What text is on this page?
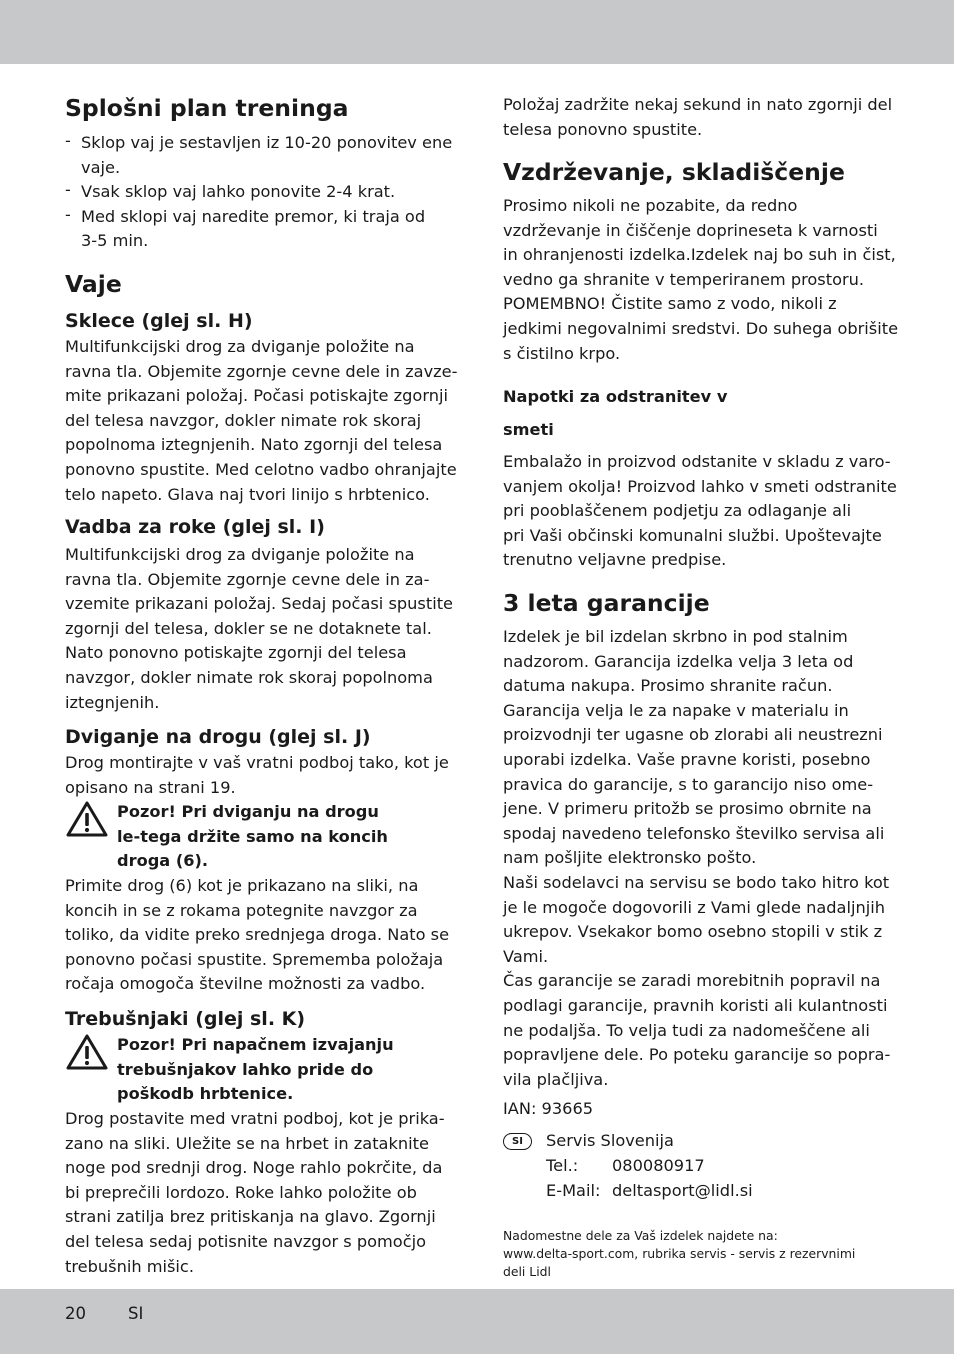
Splošni plan treninga
- Sklop vaj je sestavljen iz 10-20 ponovitev ene
vaje.
- Vsak sklop vaj lahko ponovite 2-4 krat.
- Med sklopi vaj naredite premor, ki traja od
3-5 min.
Vaje
Sklece (glej sl. H)
Multifunkcijski drog za dviganje položite na
ravna tla. Objemite zgornje cevne dele in zavze-
mite prikazani položaj. Počasi potiskajte zgornji
del telesa navzgor, dokler nimate rok skoraj
popolnoma iztegnjenih. Nato zgornji del telesa
ponovno spustite. Med celotno vadbo ohranjajte
telo napeto. Glava naj tvori linijo s hrbtenico.
Vadba za roke (glej sl. I)
Multifunkcijski drog za dviganje položite na
ravna tla. Objemite zgornje cevne dele in za-
vzemite prikazani položaj. Sedaj počasi spustite
zgornji del telesa, dokler se ne dotaknete tal.
Nato ponovno potiskajte zgornji del telesa
navzgor, dokler nimate rok skoraj popolnoma
iztegnjenih.
Dviganje na drogu (glej sl. J)
Drog montirajte v vaš vratni podboj tako, kot je
opisano na strani 19.
Pozor! Pri dviganju na drogu
le-tega držite samo na koncih
droga (6).
Primite drog (6) kot je prikazano na sliki, na
koncih in se z rokama potegnite navzgor za
toliko, da vidite preko srednjega droga. Nato se
ponovno počasi spustite. Sprememba položaja
ročaja omogoča številne možnosti za vadbo.
Trebušnjaki (glej sl. K)
Pozor! Pri napačnem izvajanju
trebušnjakov lahko pride do
poškodb hrbtenice.
Drog postavite med vratni podboj, kot je prika-
zano na sliki. Uležite se na hrbet in zataknite
noge pod srednji drog. Noge rahlo pokrčite, da
bi preprečili lordozo. Roke lahko položite ob
strani zatilja brez pritiskanja na glavo. Zgornji
del telesa sedaj potisnite navzgor s pomočjo
trebušnih mišic.
Položaj zadržite nekaj sekund in nato zgornji del
telesa ponovno spustite.
Vzdrževanje, skladiščenje
Prosimo nikoli ne pozabite, da redno
vzdrževanje in čiščenje doprineseta k varnosti
in ohranjenosti izdelka.Izdelek naj bo suh in čist,
vedno ga shranite v temperiranem prostoru.
POMEMBNO! Čistite samo z vodo, nikoli z
jedkimi negovalnimi sredstvi. Do suhega obrišite
s čistilno krpo.
Napotki za odstranitev v
smeti
Embalažo in proizvod odstanite v skladu z varo-
vanjem okolja! Proizvod lahko v smeti odstranite
pri pooblaščenem podjetju za odlaganje ali
pri Vaši občinski komunalni službi. Upoštevajte
trenutno veljavne predpise.
3 leta garancije
Izdelek je bil izdelan skrbno in pod stalnim
nadzorom. Garancija izdelka velja 3 leta od
datuma nakupa. Prosimo shranite račun.
Garancija velja le za napake v materialu in
proizvodnji ter ugasne ob zlorabi ali neustrezni
uporabi izdelka. Vaše pravne koristi, posebno
pravica do garancije, s to garancijo niso ome-
jene. V primeru pritožb se prosimo obrnite na
spodaj navedeno telefonsko številko servisa ali
nam pošljite elektronsko pošto.
Naši sodelavci na servisu se bodo tako hitro kot
je le mogoče dogovorili z Vami glede nadaljnjih
ukrepov. Vsekakor bomo osebno stopili v stik z
Vami.
Čas garancije se zaradi morebitnih popravil na
podlagi garancije, pravnih koristi ali kulantnosti
ne podaljša. To velja tudi za nadomeščene ali
popravljene dele. Po poteku garancije so popra-
vila plačljiva.
IAN: 93665
SI	Servis Slovenija
Tel.: 080080917
E-Mail: deltasport@lidl.si
Nadomestne dele za Vaš izdelek najdete na:
www.delta-sport.com, rubrika servis - servis z rezervnimi
deli Lidl
20	SI
